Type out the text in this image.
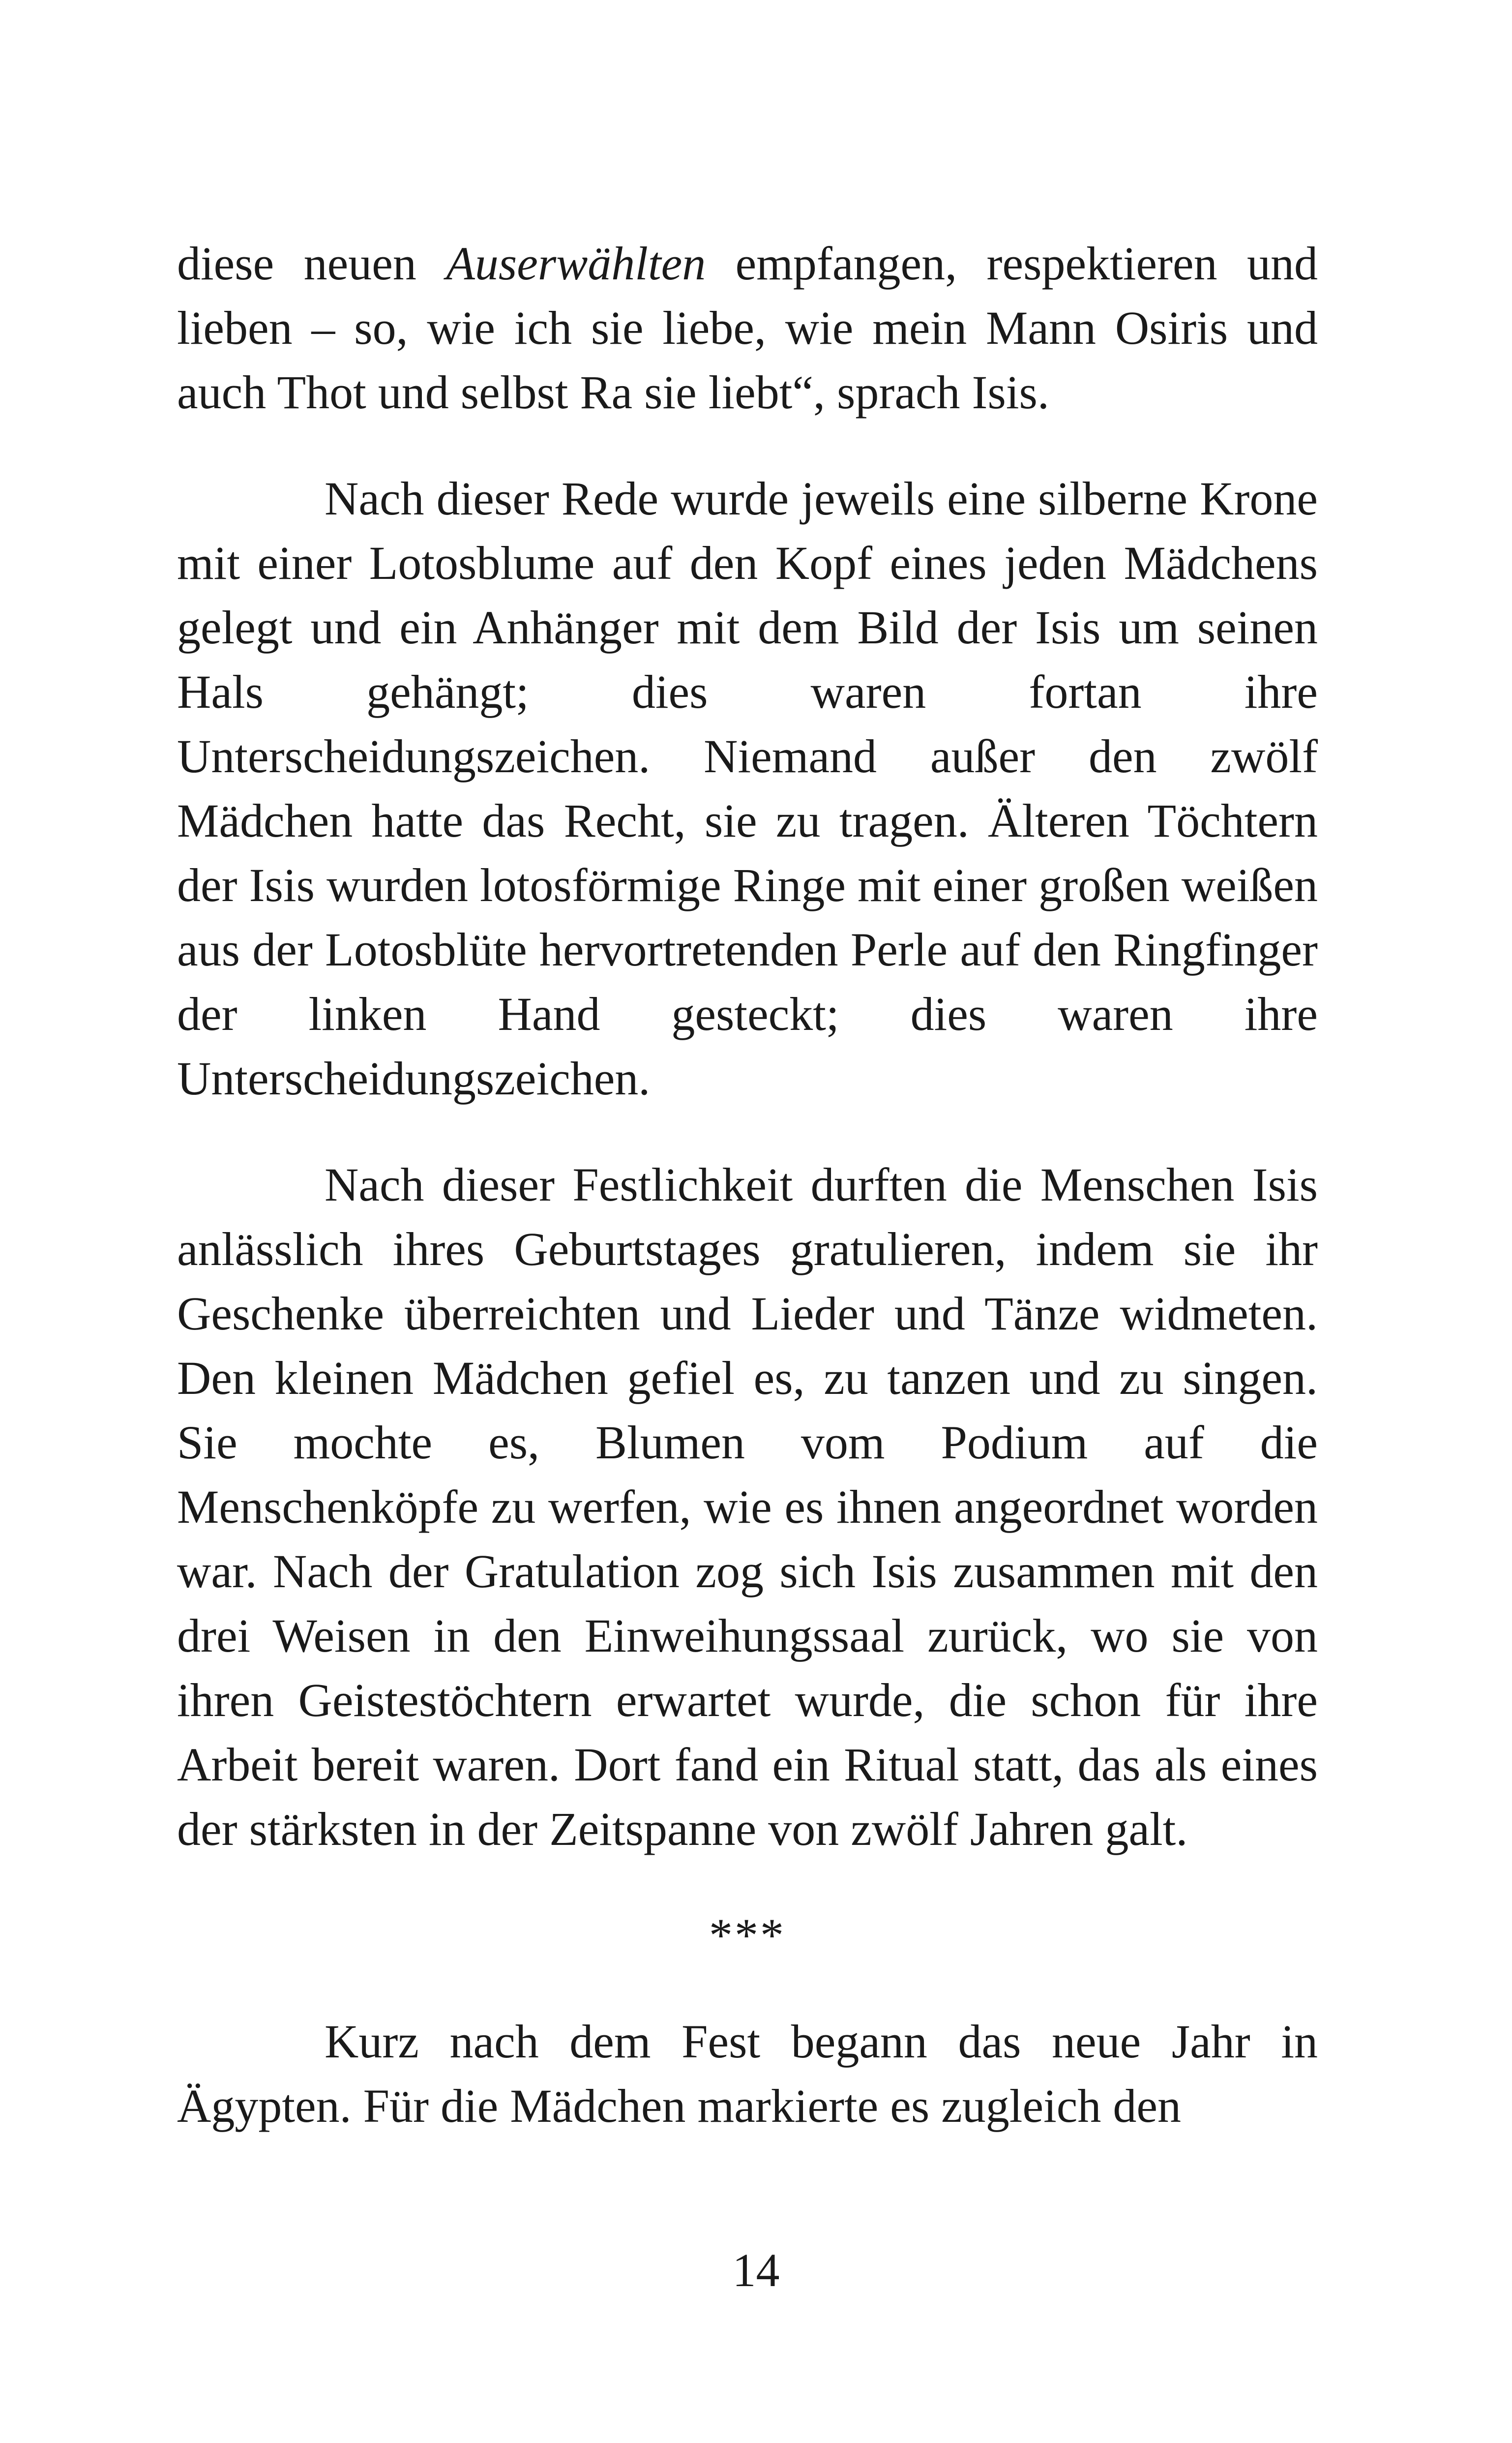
diese neuen Auserwählten empfangen, respektieren und lieben – so, wie ich sie liebe, wie mein Mann Osiris und auch Thot und selbst Ra sie liebt“, sprach Isis.

Nach dieser Rede wurde jeweils eine silberne Krone mit einer Lotosblume auf den Kopf eines jeden Mädchens gelegt und ein Anhänger mit dem Bild der Isis um seinen Hals gehängt; dies waren fortan ihre Unterscheidungszeichen. Niemand außer den zwölf Mädchen hatte das Recht, sie zu tragen. Älteren Töchtern der Isis wurden lotosförmige Ringe mit einer großen weißen aus der Lotosblüte hervortretenden Perle auf den Ringfinger der linken Hand gesteckt; dies waren ihre Unterscheidungszeichen.

Nach dieser Festlichkeit durften die Menschen Isis anlässlich ihres Geburtstages gratulieren, indem sie ihr Geschenke überreichten und Lieder und Tänze widmeten. Den kleinen Mädchen gefiel es, zu tanzen und zu singen. Sie mochte es, Blumen vom Podium auf die Menschenköpfe zu werfen, wie es ihnen angeordnet worden war. Nach der Gratulation zog sich Isis zusammen mit den drei Weisen in den Einweihungssaal zurück, wo sie von ihren Geistestöchtern erwartet wurde, die schon für ihre Arbeit bereit waren. Dort fand ein Ritual statt, das als eines der stärksten in der Zeitspanne von zwölf Jahren galt.

***

Kurz nach dem Fest begann das neue Jahr in Ägypten. Für die Mädchen markierte es zugleich den

14
